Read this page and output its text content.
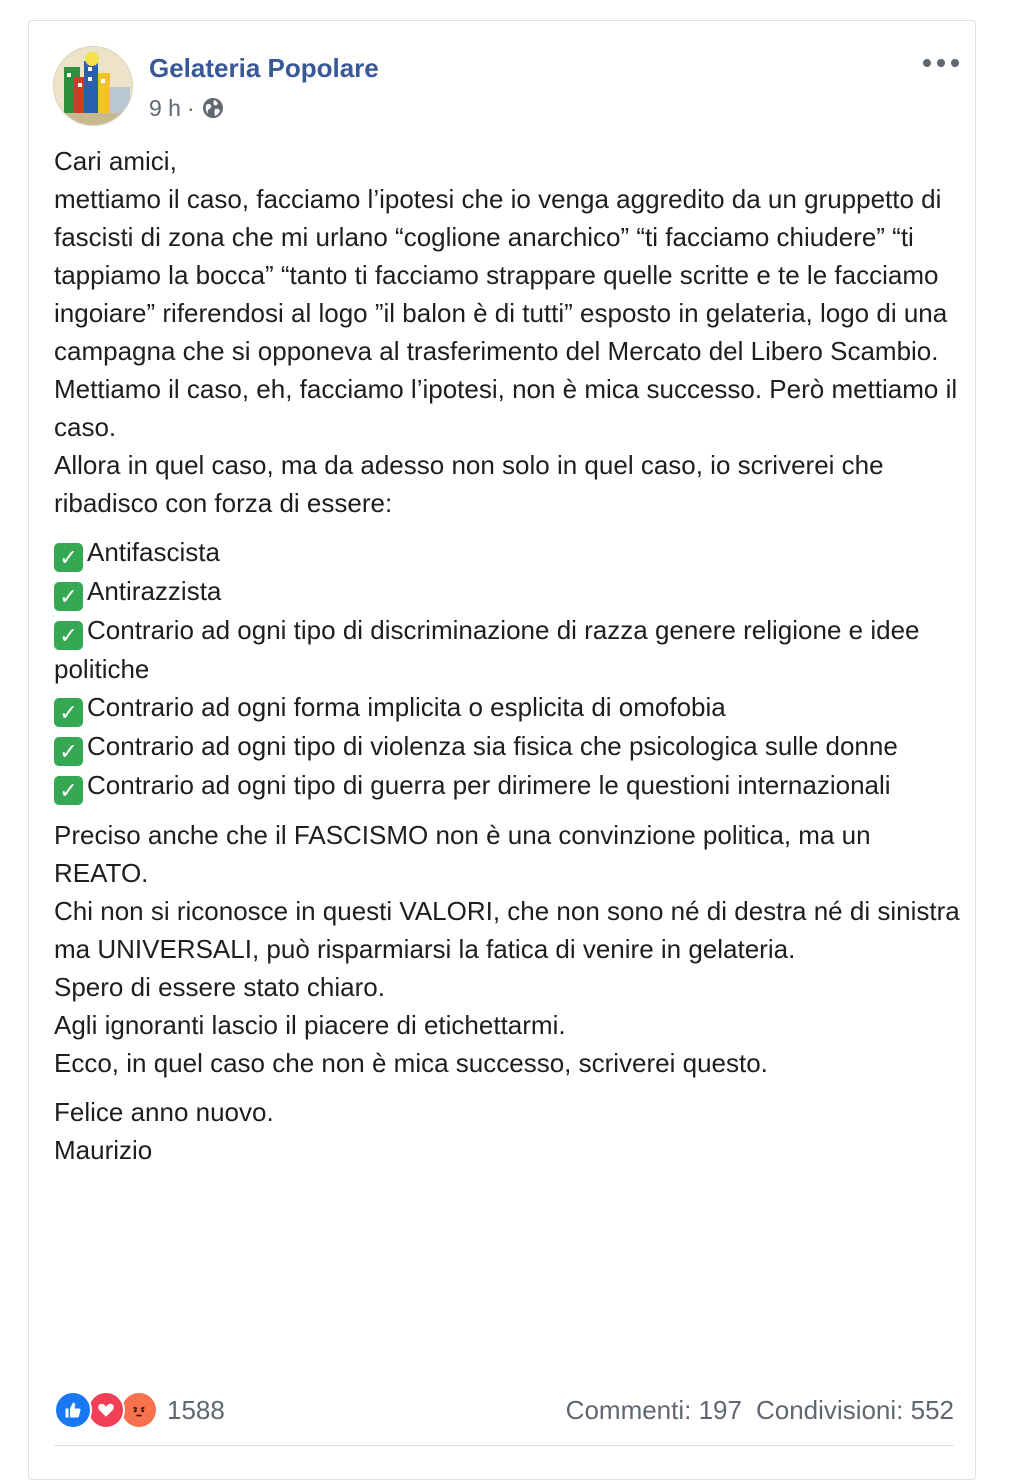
Gelateria Popolare
9 h ·

Cari amici,
mettiamo il caso, facciamo l’ipotesi che io venga aggredito da un gruppetto di fascisti di zona che mi urlano “coglione anarchico” “ti facciamo chiudere” “ti tappiamo la bocca” “tanto ti facciamo strappare quelle scritte e te le facciamo ingoiare” riferendosi al logo ”il balon è di tutti” esposto in gelateria, logo di una campagna che si opponeva al trasferimento del Mercato del Libero Scambio.
Mettiamo il caso, eh, facciamo l’ipotesi, non è mica successo. Però mettiamo il caso.
Allora in quel caso, ma da adesso non solo in quel caso, io scriverei che
ribadisco con forza di essere:

✓ Antifascista
✓ Antirazzista
✓ Contrario ad ogni tipo di discriminazione di razza genere religione e idee politiche
✓ Contrario ad ogni forma implicita o esplicita di omofobia
✓ Contrario ad ogni tipo di violenza sia fisica che psicologica sulle donne
✓ Contrario ad ogni tipo di guerra per dirimere le questioni internazionali

Preciso anche che il FASCISMO non è una convinzione politica, ma un REATO.
Chi non si riconosce in questi VALORI, che non sono né di destra né di sinistra ma UNIVERSALI, può risparmiarsi la fatica di venire in gelateria.
Spero di essere stato chiaro.
Agli ignoranti lascio il piacere di etichettarmi.
Ecco, in quel caso che non è mica successo, scriverei questo.

Felice anno nuovo.
Maurizio

1588	Commenti: 197 Condivisioni: 552
